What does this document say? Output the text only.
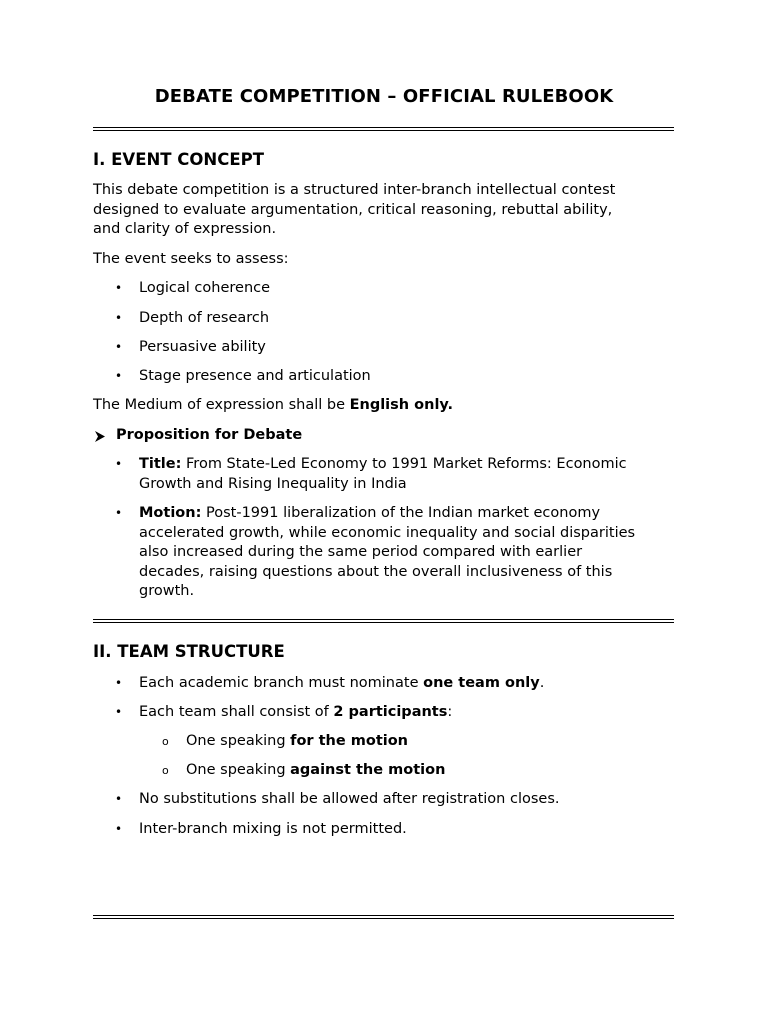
DEBATE COMPETITION – OFFICIAL RULEBOOK
I. EVENT CONCEPT
This debate competition is a structured inter-branch intellectual contest
designed to evaluate argumentation, critical reasoning, rebuttal ability,
and clarity of expression.
The event seeks to assess:
• Logical coherence
• Depth of research
• Persuasive ability
• Stage presence and articulation
The Medium of expression shall be English only.
Proposition for Debate
• Title: From State-Led Economy to 1991 Market Reforms: Economic
Growth and Rising Inequality in India
• Motion: Post-1991 liberalization of the Indian market economy
accelerated growth, while economic inequality and social disparities
also increased during the same period compared with earlier
decades, raising questions about the overall inclusiveness of this
growth.
II. TEAM STRUCTURE
• Each academic branch must nominate one team only.
• Each team shall consist of 2 participants:
o One speaking for the motion
o One speaking against the motion
• No substitutions shall be allowed after registration closes.
• Inter-branch mixing is not permitted.
